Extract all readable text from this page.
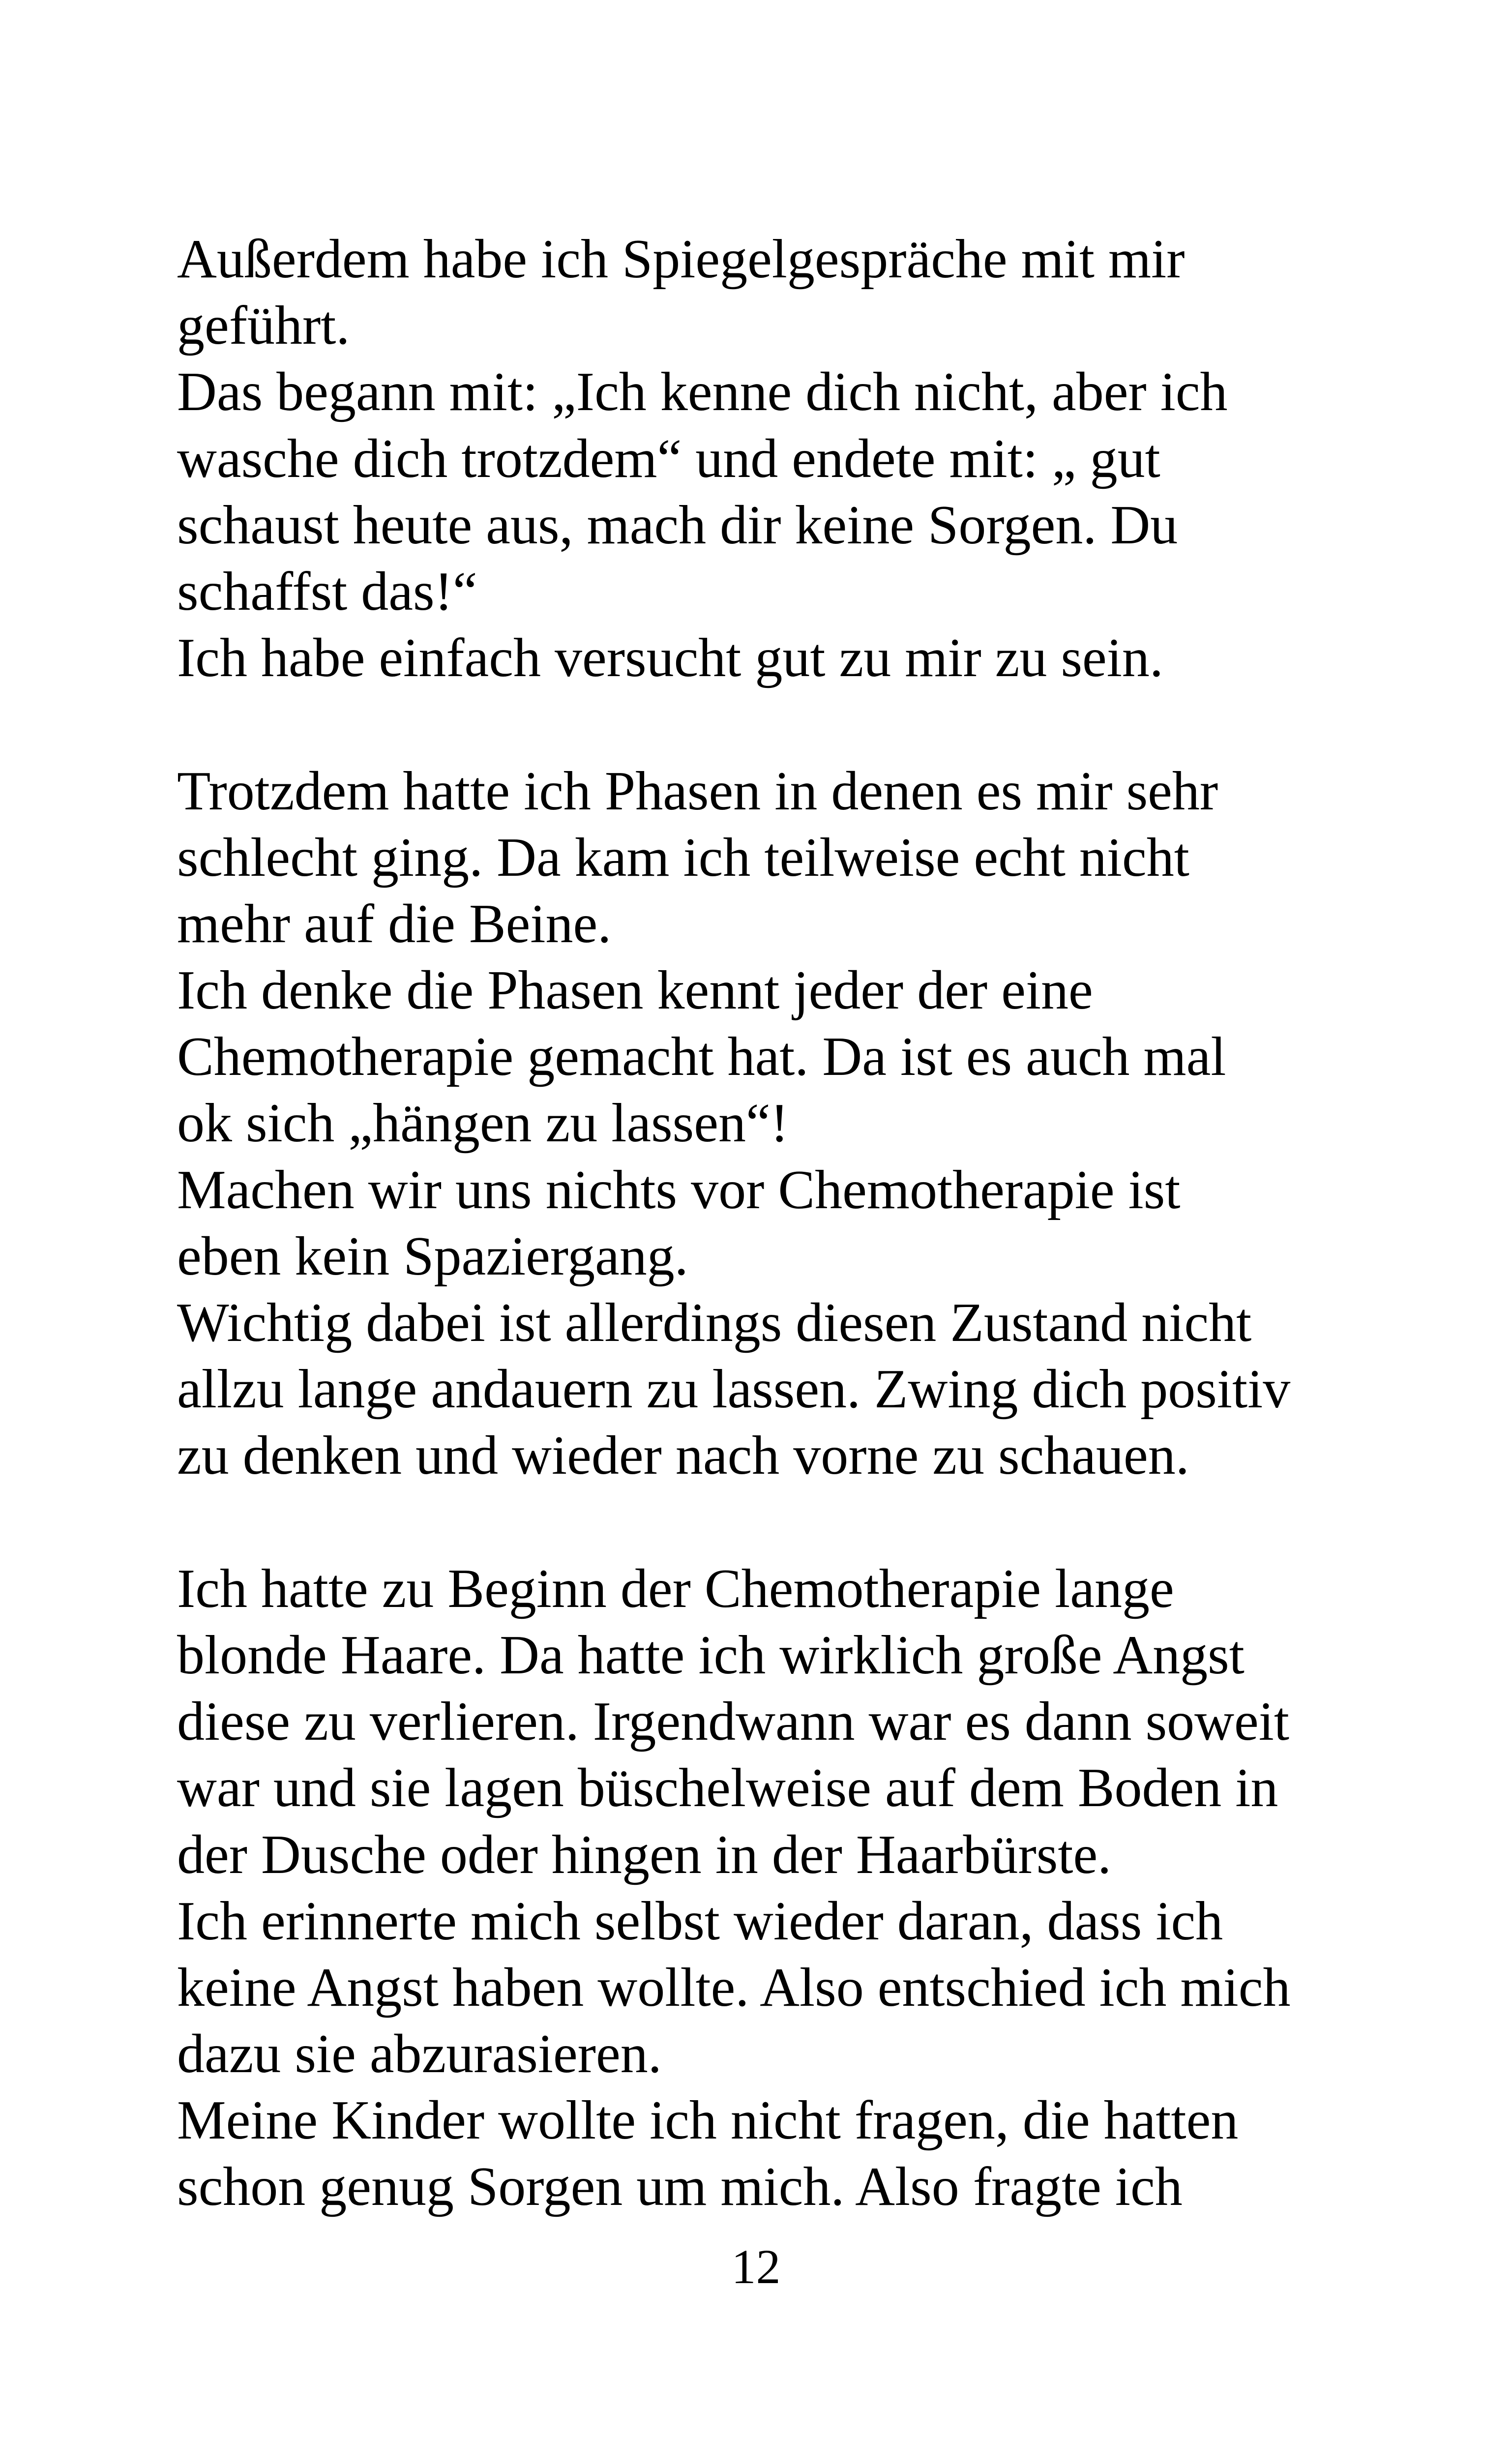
Außerdem habe ich Spiegelgespräche mit mir
geführt.
Das begann mit: „Ich kenne dich nicht, aber ich
wasche dich trotzdem“ und endete mit: „ gut
schaust heute aus, mach dir keine Sorgen. Du
schaffst das!“
Ich habe einfach versucht gut zu mir zu sein.
Trotzdem hatte ich Phasen in denen es mir sehr
schlecht ging. Da kam ich teilweise echt nicht
mehr auf die Beine.
Ich denke die Phasen kennt jeder der eine
Chemotherapie gemacht hat. Da ist es auch mal
ok sich „hängen zu lassen“!
Machen wir uns nichts vor Chemotherapie ist
eben kein Spaziergang.
Wichtig dabei ist allerdings diesen Zustand nicht
allzu lange andauern zu lassen. Zwing dich positiv
zu denken und wieder nach vorne zu schauen.
Ich hatte zu Beginn der Chemotherapie lange
blonde Haare. Da hatte ich wirklich große Angst
diese zu verlieren. Irgendwann war es dann soweit
war und sie lagen büschelweise auf dem Boden in
der Dusche oder hingen in der Haarbürste.
Ich erinnerte mich selbst wieder daran, dass ich
keine Angst haben wollte. Also entschied ich mich
dazu sie abzurasieren.
Meine Kinder wollte ich nicht fragen, die hatten
schon genug Sorgen um mich. Also fragte ich
12
